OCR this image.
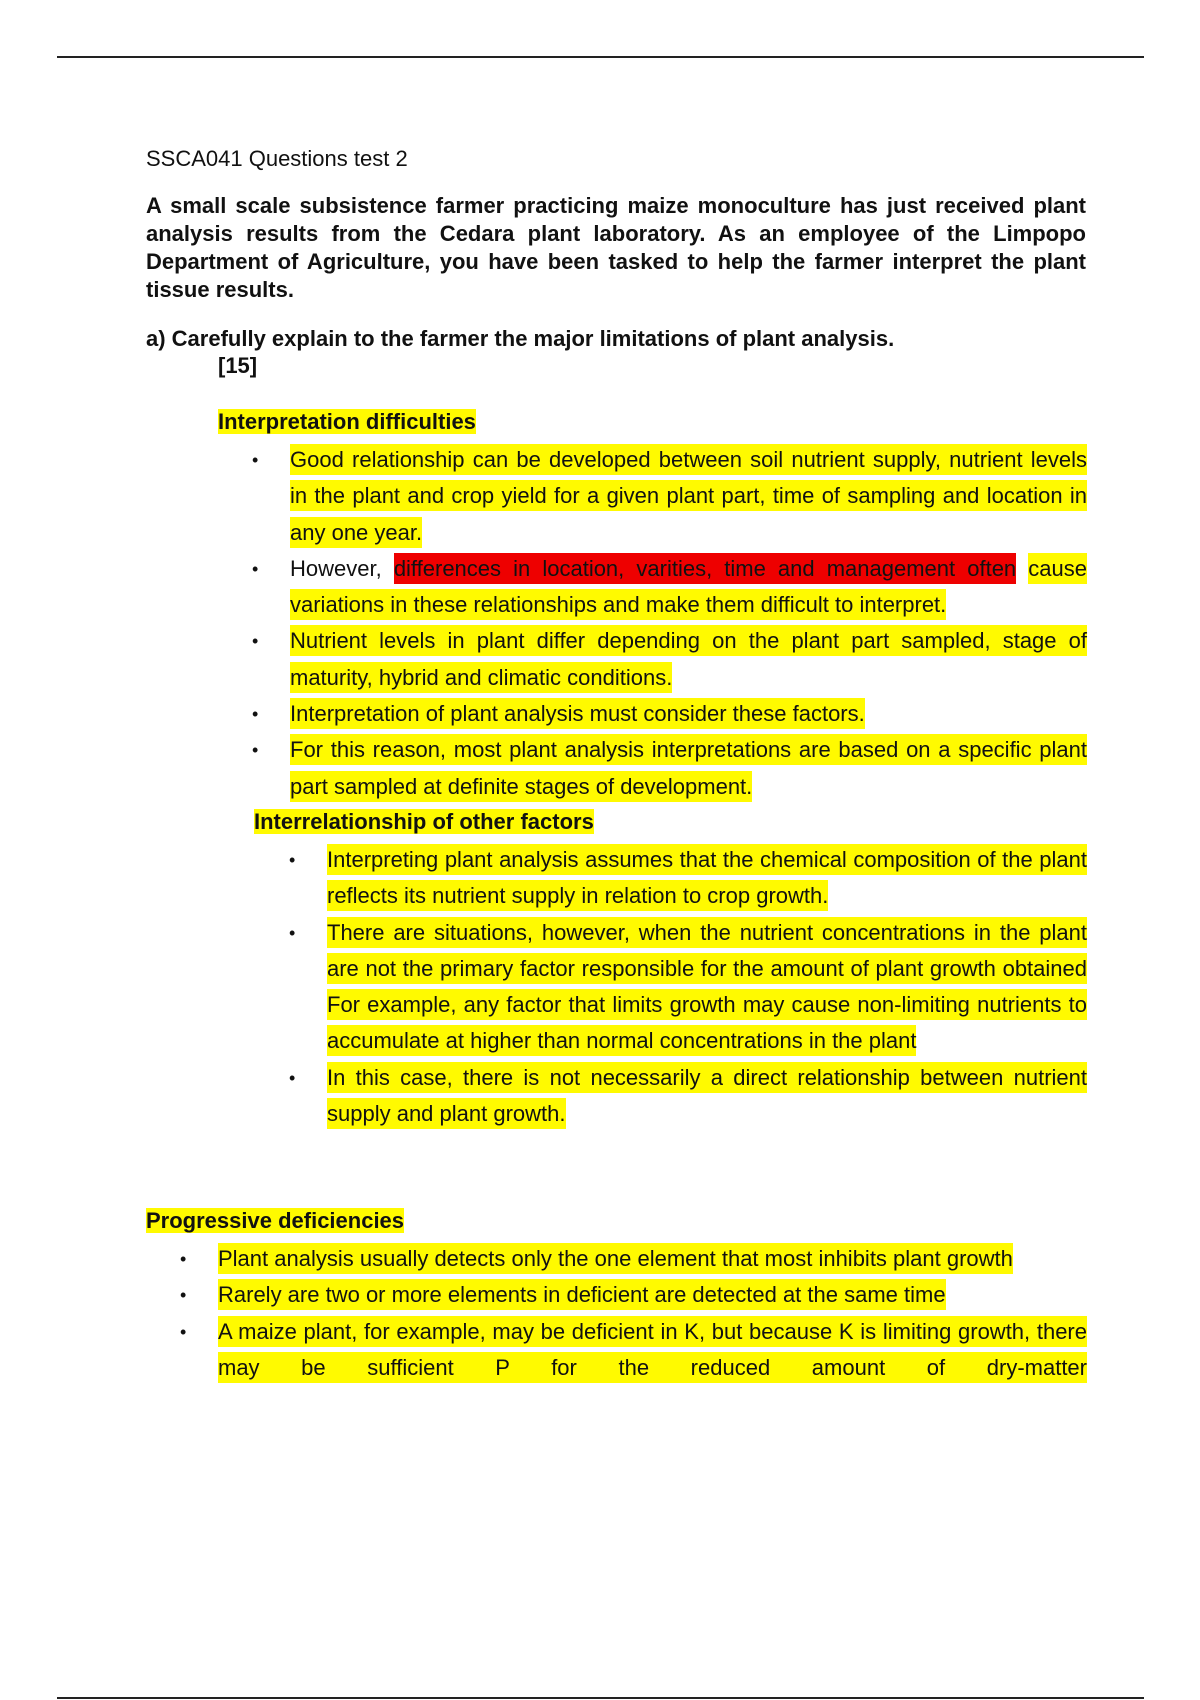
SSCA041 Questions test 2
A small scale subsistence farmer practicing maize monoculture has just received plant analysis results from the Cedara plant laboratory. As an employee of the Limpopo Department of Agriculture, you have been tasked to help the farmer interpret the plant tissue results.
a) Carefully explain to the farmer the major limitations of plant analysis.
[15]
Interpretation difficulties
• Good relationship can be developed between soil nutrient supply, nutrient levels in the plant and crop yield for a given plant part, time of sampling and location in any one year.
• However, differences in location, varities, time and management often cause variations in these relationships and make them difficult to interpret.
• Nutrient levels in plant differ depending on the plant part sampled, stage of maturity, hybrid and climatic conditions.
• Interpretation of plant analysis must consider these factors.
• For this reason, most plant analysis interpretations are based on a specific plant part sampled at definite stages of development.
Interrelationship of other factors
• Interpreting plant analysis assumes that the chemical composition of the plant reflects its nutrient supply in relation to crop growth.
• There are situations, however, when the nutrient concentrations in the plant are not the primary factor responsible for the amount of plant growth obtained For example, any factor that limits growth may cause non-limiting nutrients to accumulate at higher than normal concentrations in the plant
• In this case, there is not necessarily a direct relationship between nutrient supply and plant growth.
Progressive deficiencies
• Plant analysis usually detects only the one element that most inhibits plant growth
• Rarely are two or more elements in deficient are detected at the same time
• A maize plant, for example, may be deficient in K, but because K is limiting growth, there may be sufficient P for the reduced amount of dry-matter
